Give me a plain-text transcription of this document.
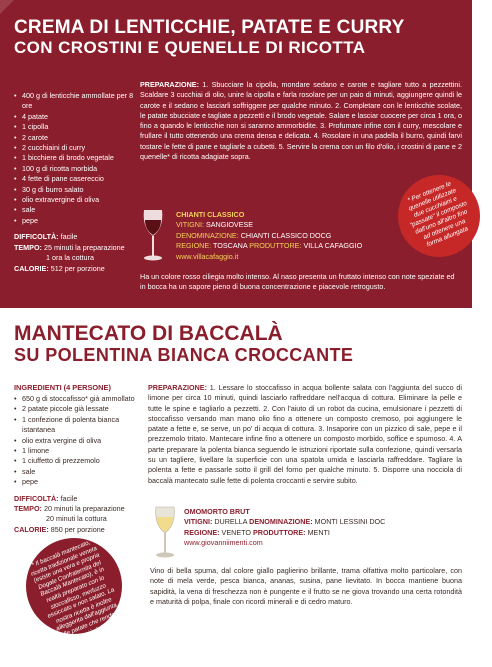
CREMA DI LENTICCHIE, PATATE E CURRY
CON CROSTINI E QUENELLE DI RICOTTA
INGREDIENTI (4 PERSONE)
• 400 g di lenticchie ammollate per 8 ore
• 4 patate
• 1 cipolla
• 2 carote
• 2 cucchiaini di curry
• 1 bicchiere di brodo vegetale
• 100 g di ricotta morbida
• 4 fette di pane casereccio
• 30 g di burro salato
• olio extravergine di oliva
• sale
• pepe
DIFFICOLTÀ: facile
TEMPO: 25 minuti la preparazione
1 ora la cottura
CALORIE: 512 per porzione
PREPARAZIONE: 1. Sbucciare la cipolla, mondare sedano e carote e tagliare tutto a pezzettini. Scaldare 3 cucchiai di olio, unire la cipolla e farla rosolare per un paio di minuti, aggiungere quindi le carote e il sedano e lasciarli soffriggere per qualche minuto. 2. Completare con le lenticchie scolate, le patate sbucciate e tagliate a pezzetti e il brodo vegetale. Salare e lasciar cuocere per circa 1 ora, o fino a quando le lenticchie non si saranno ammorbidite. 3. Profumare infine con il curry, mescolare e frullare il tutto ottenendo una crema densa e delicata. 4. Rosolare in una padella il burro, quindi farvi tostare le fette di pane e tagliarle a cubetti. 5. Servire la crema con un filo d'olio, i crostini di pane e 2 quenelle* di ricotta adagiate sopra.
CHIANTI CLASSICO
VITIGNI: SANGIOVESE
DENOMINAZIONE: CHIANTI CLASSICO DOCG
REGIONE: TOSCANA PRODUTTORE: VILLA CAFAGGIO
www.villacafaggio.it
Ha un colore rosso ciliegia molto intenso. Al naso presenta un fruttato intenso con note speziate ed in bocca ha un sapore pieno di buona concentrazione e piacevole retrogusto.
* Per ottenere le quenelle utilizzate due cucchiaini e "passate" il composto dall'uno all'altro fino ad ottenere una forma allungata
MANTECATO DI BACCALÀ
SU POLENTINA BIANCA CROCCANTE
INGREDIENTI (4 PERSONE)
• 650 g di stoccafisso* già ammollato
• 2 patate piccole già lessate
• 1 confezione di polenta bianca istantanea
• olio extra vergine di oliva
• 1 limone
• 1 ciuffetto di prezzemolo
• sale
• pepe
DIFFICOLTÀ: facile
TEMPO: 20 minuti la preparazione
20 minuti la cottura
CALORIE: 850 per porzione
PREPARAZIONE: 1. Lessare lo stoccafisso in acqua bollente salata con l'aggiunta del succo di limone per circa 10 minuti, quindi lasciarlo raffreddare nell'acqua di cottura. Eliminare la pelle e tutte le spine e tagliarlo a pezzetti. 2. Con l'aiuto di un robot da cucina, emulsionare i pezzetti di stoccafisso versando man mano olio fino a ottenere un composto cremoso, poi aggiungere le patate a fette e, se serve, un po' di acqua di cottura. 3. Insaporire con un pizzico di sale, pepe e il prezzemolo tritato. Mantecare infine fino a ottenere un composto morbido, soffice e spumoso. 4. A parte preparare la polenta bianca seguendo le istruzioni riportate sulla confezione, quindi versarla su un tagliere, livellare la superficie con una spatola umida e lasciarla raffreddare. Tagliare la polenta a fette e passarle sotto il grill del forno per qualche minuto. 5. Disporre una nocciola di baccalà mantecato sulle fette di polenta croccanti e servire subito.
OMOMORTO BRUT
VITIGNI: DURELLA DENOMINAZIONE: MONTI LESSINI DOC
REGIONE: VENETO PRODUTTORE: MENTI
www.giovanniimenti.com
Vino di bella spuma, dal colore giallo paglierino brillante, trama olfattiva molto particolare, con note di mela verde, pesca bianca, ananas, susina, pane lievitato. In bocca mantiene buona sapidità, la vena di freschezza non è pungente e il frutto se ne giova trovando una certa rotondità e maturità di polpa, finale con ricordi minerali e di cedro maturo.
* Il baccalà mantecato, ricetta tradizionale veneta (esiste una vera e propria Dogale Confraternita del Baccalà Mantecato), è in realtà preparato con lo stoccafisso, merluzzo essiccato e non salato. La nostra ricetta è inoltre alleggerita dall'aggiunta delle patate che rendono ancora più delicato il composto senza dover aggiungere troppo olio
